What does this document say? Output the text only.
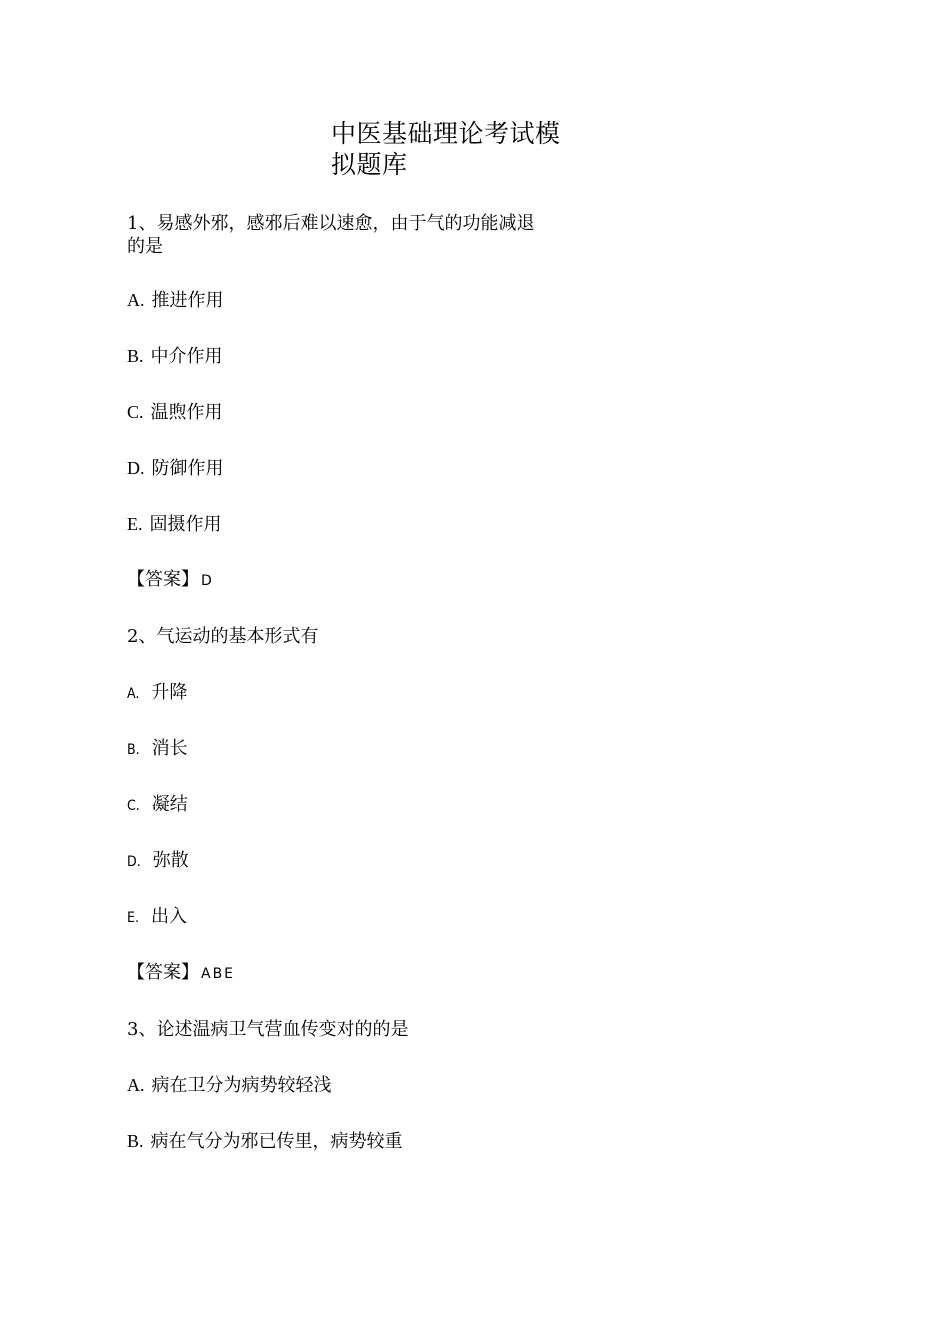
中医基础理论考试模
拟题库
1、易感外邪，感邪后难以速愈，由于气的功能减退
的是
A. 推进作用
B. 中介作用
C. 温煦作用
D. 防御作用
E. 固摄作用
【答案】 D
2、气运动的基本形式有
A. 升降
B. 消长
C. 凝结
D. 弥散
E. 出入
【答案】 ABE
3、论述温病卫气营血传变对的的是
A. 病在卫分为病势较轻浅
B. 病在气分为邪已传里，病势较重
